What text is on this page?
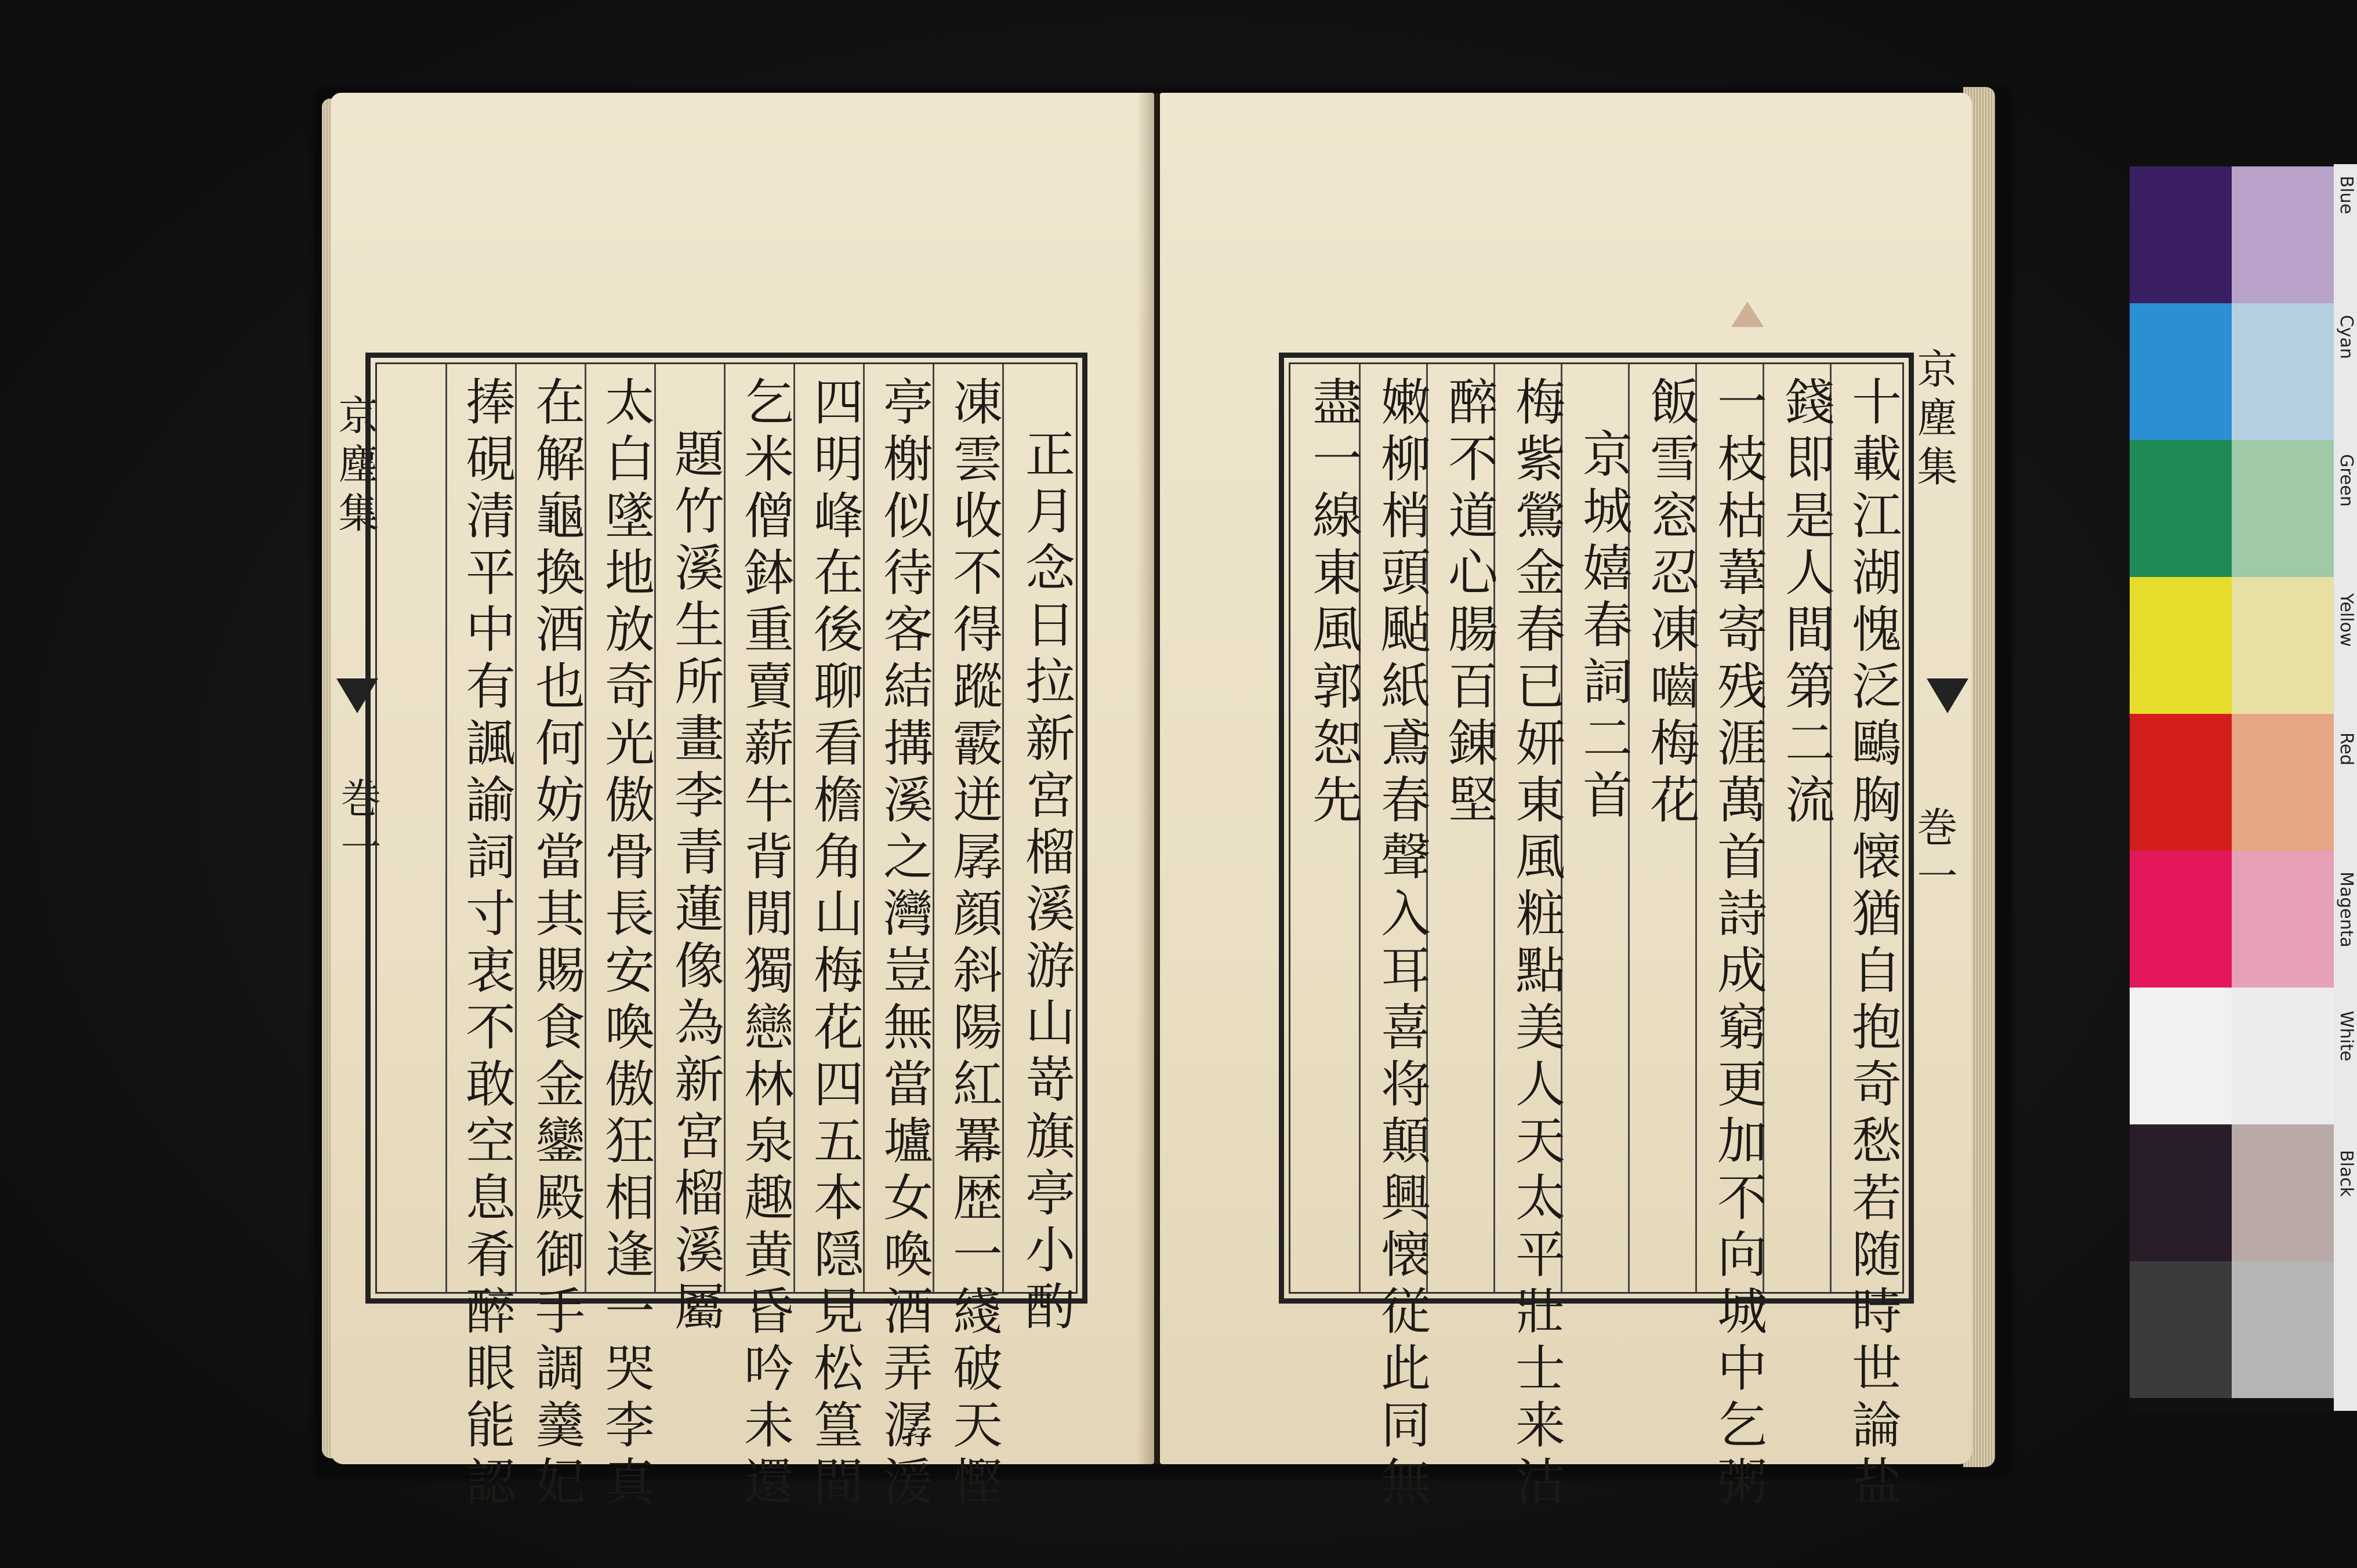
京塵集
巻一	正月念日拉新宮榴溪游山嵜旗亭小酌
凍雲收不得蹤霰迸孱顔斜陽紅羃歴一綫破天慳
亭榭似待客結搆溪之灣豈無當壚女喚酒弄潺湲
四明峰在後聊看檐角山梅花四五本隠見松篁間
乞米僧鉢重賣薪牛背閒獨戀林泉趣黄昏吟未還
題竹溪生所畫李青蓮像為新宮榴溪屬
太白墜地放奇光傲骨長安喚傲狂相逢一哭李真
在解龜換酒也何妨當其賜食金鑾殿御手調羹妃
捧硯清平中有諷諭詞寸衷不敢空息肴醉眼能認	京塵集
巻一
十載江湖愧泛鷗胸懐猶自抱奇愁若随時世論盐
錢即是人間第二流
一枝枯葦寄残涯萬首詩成窮更加不向城中乞粥
飯雪窓忍凍嚙梅花
京城嬉春詞二首
梅紫鶯金春已妍東風粧點美人天太平壯士来沽
醉不道心腸百錬堅
嫩柳梢頭颭紙鳶春聲入耳喜将顛興懐従此同無
盡一線東風郭恕先
Blue
Cyan
Green
Yellow
Red
Magenta
White
Black
